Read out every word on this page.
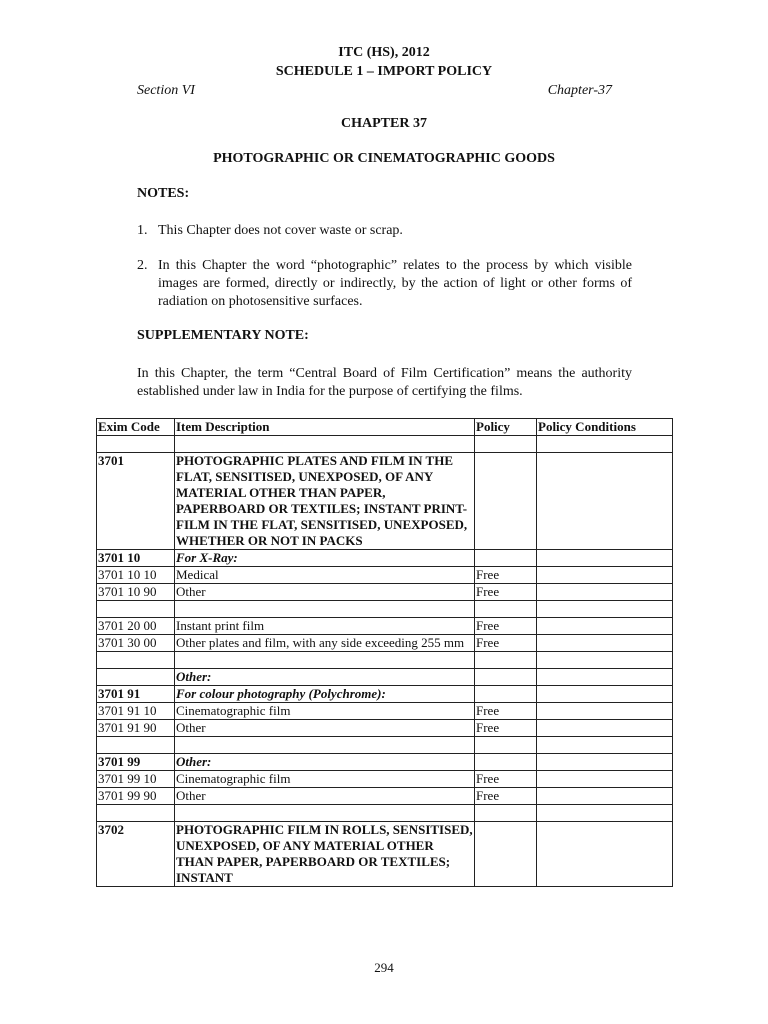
ITC (HS), 2012
SCHEDULE 1 – IMPORT POLICY
Section VI	Chapter-37
CHAPTER 37
PHOTOGRAPHIC OR CINEMATOGRAPHIC GOODS
NOTES:
1. This Chapter does not cover waste or scrap.
2. In this Chapter the word “photographic” relates to the process by which visible images are formed, directly or indirectly, by the action of light or other forms of radiation on photosensitive surfaces.
SUPPLEMENTARY NOTE:
In this Chapter, the term “Central Board of Film Certification” means the authority established under law in India for the purpose of certifying the films.
Exim Code	Item Description	Policy	Policy Conditions

3701	PHOTOGRAPHIC PLATES AND FILM IN THE FLAT, SENSITISED, UNEXPOSED, OF ANY MATERIAL OTHER THAN PAPER, PAPERBOARD OR TEXTILES; INSTANT PRINT-FILM IN THE FLAT, SENSITISED, UNEXPOSED, WHETHER OR NOT IN PACKS		
3701 10	For X-Ray:		
3701 10 10	Medical	Free	
3701 10 90	Other	Free	

3701 20 00	Instant print film	Free	
3701 30 00	Other plates and film, with any side exceeding 255 mm	Free	

	Other:		
3701 91	For colour photography (Polychrome):		
3701 91 10	Cinematographic film	Free	
3701 91 90	Other	Free	

3701 99	Other:		
3701 99 10	Cinematographic film	Free	
3701 99 90	Other	Free	

3702	PHOTOGRAPHIC FILM IN ROLLS, SENSITISED, UNEXPOSED, OF ANY MATERIAL OTHER THAN PAPER, PAPERBOARD OR TEXTILES; INSTANT		
294
